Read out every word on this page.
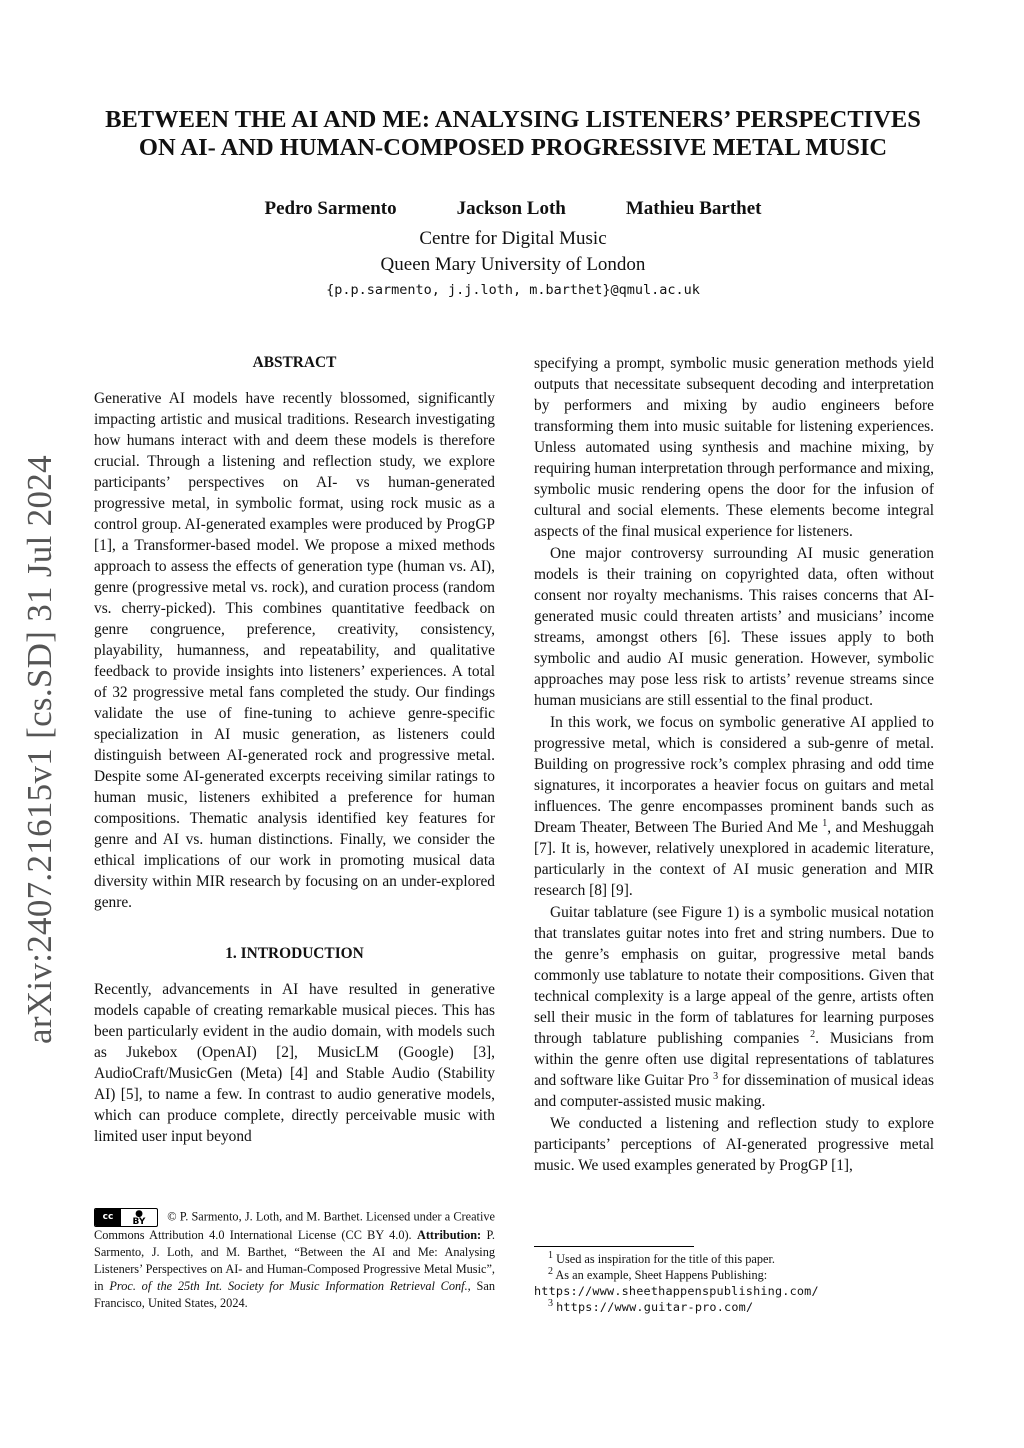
arXiv:2407.21615v1 [cs.SD] 31 Jul 2024
BETWEEN THE AI AND ME: ANALYSING LISTENERS’ PERSPECTIVES
ON AI- AND HUMAN-COMPOSED PROGRESSIVE METAL MUSIC
Pedro Sarmento	Jackson Loth	Mathieu Barthet
Centre for Digital Music
Queen Mary University of London
{p.p.sarmento, j.j.loth, m.barthet}@qmul.ac.uk
ABSTRACT

Generative AI models have recently blossomed, significantly impacting artistic and musical traditions. Research investigating how humans interact with and deem these models is therefore crucial. Through a listening and reflection study, we explore participants’ perspectives on AI- vs human-generated progressive metal, in symbolic format, using rock music as a control group. AI-generated examples were produced by ProgGP [1], a Transformer-based model. We propose a mixed methods approach to assess the effects of generation type (human vs. AI), genre (progressive metal vs. rock), and curation process (random vs. cherry-picked). This combines quantitative feedback on genre congruence, preference, creativity, consistency, playability, humanness, and repeatability, and qualitative feedback to provide insights into listeners’ experiences. A total of 32 progressive metal fans completed the study. Our findings validate the use of fine-tuning to achieve genre-specific specialization in AI music generation, as listeners could distinguish between AI-generated rock and progressive metal. Despite some AI-generated excerpts receiving similar ratings to human music, listeners exhibited a preference for human compositions. Thematic analysis identified key features for genre and AI vs. human distinctions. Finally, we consider the ethical implications of our work in promoting musical data diversity within MIR research by focusing on an under-explored genre.

1. INTRODUCTION

Recently, advancements in AI have resulted in generative models capable of creating remarkable musical pieces. This has been particularly evident in the audio domain, with models such as Jukebox (OpenAI) [2], MusicLM (Google) [3], AudioCraft/MusicGen (Meta) [4] and Stable Audio (Stability AI) [5], to name a few. In contrast to audio generative models, which can produce complete, directly perceivable music with limited user input beyond

cc	●
BY © P. Sarmento, J. Loth, and M. Barthet. Licensed under a Creative Commons Attribution 4.0 International License (CC BY 4.0). Attribution: P. Sarmento, J. Loth, and M. Barthet, “Between the AI and Me: Analysing Listeners’ Perspectives on AI- and Human-Composed Progressive Metal Music”, in Proc. of the 25th Int. Society for Music Information Retrieval Conf., San Francisco, United States, 2024.

specifying a prompt, symbolic music generation methods yield outputs that necessitate subsequent decoding and interpretation by performers and mixing by audio engineers before transforming them into music suitable for listening experiences. Unless automated using synthesis and machine mixing, by requiring human interpretation through performance and mixing, symbolic music rendering opens the door for the infusion of cultural and social elements. These elements become integral aspects of the final musical experience for listeners.

One major controversy surrounding AI music generation models is their training on copyrighted data, often without consent nor royalty mechanisms. This raises concerns that AI-generated music could threaten artists’ and musicians’ income streams, amongst others [6]. These issues apply to both symbolic and audio AI music generation. However, symbolic approaches may pose less risk to artists’ revenue streams since human musicians are still essential to the final product.

In this work, we focus on symbolic generative AI applied to progressive metal, which is considered a sub-genre of metal. Building on progressive rock’s complex phrasing and odd time signatures, it incorporates a heavier focus on guitars and metal influences. The genre encompasses prominent bands such as Dream Theater, Between The Buried And Me $^1$, and Meshuggah [7]. It is, however, relatively unexplored in academic literature, particularly in the context of AI music generation and MIR research [8] [9].

Guitar tablature (see Figure 1) is a symbolic musical notation that translates guitar notes into fret and string numbers. Due to the genre’s emphasis on guitar, progressive metal bands commonly use tablature to notate their compositions. Given that technical complexity is a large appeal of the genre, artists often sell their music in the form of tablatures for learning purposes through tablature publishing companies $^2$. Musicians from within the genre often use digital representations of tablatures and software like Guitar Pro $^3$ for dissemination of musical ideas and computer-assisted music making.

We conducted a listening and reflection study to explore participants’ perceptions of AI-generated progressive metal music. We used examples generated by ProgGP [1],

$^1$ Used as inspiration for the title of this paper.
$^2$ As an example, Sheet Happens Publishing: https://www.sheethappenspublishing.com/
$^3$ https://www.guitar-pro.com/
